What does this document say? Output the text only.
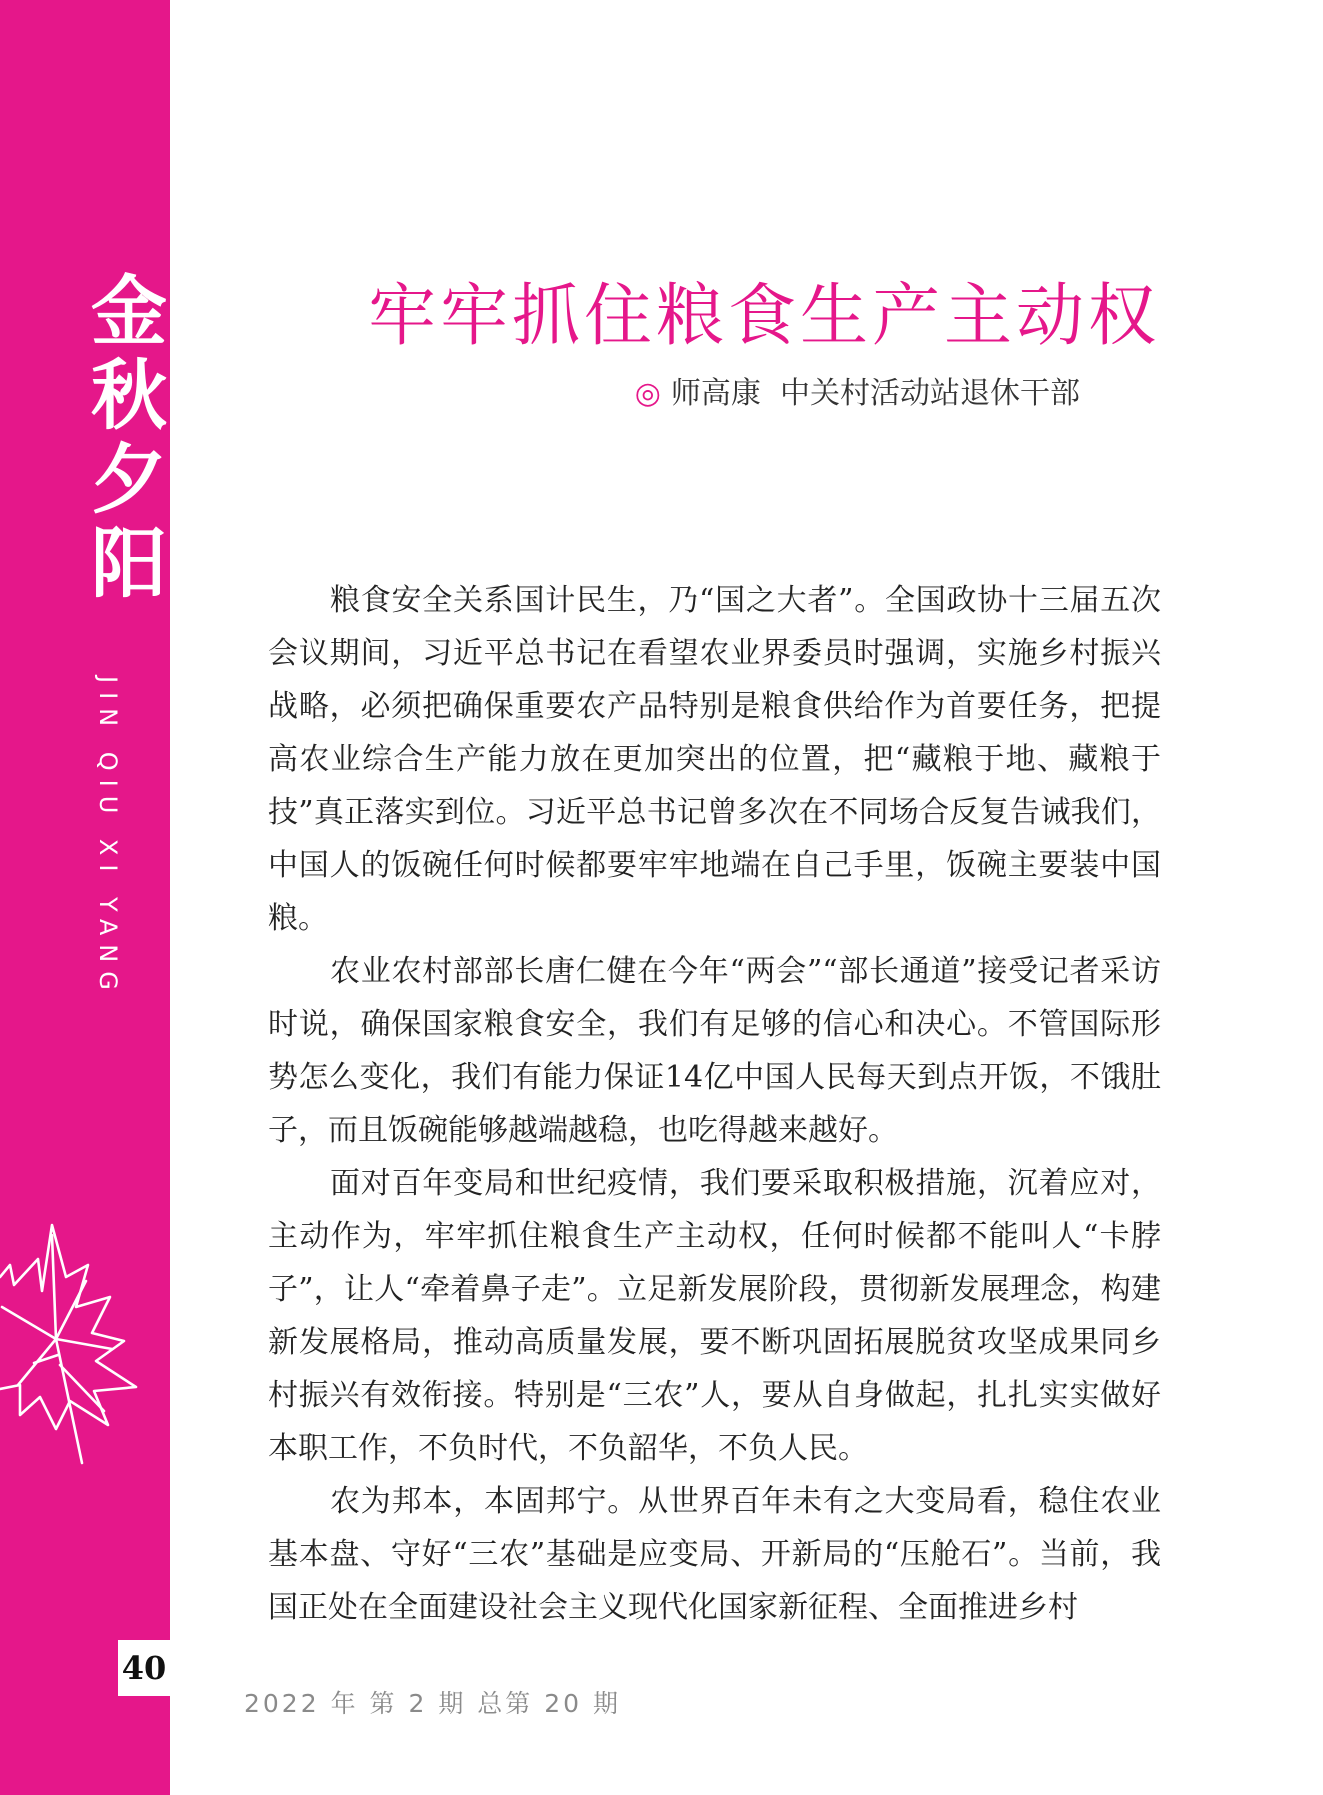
金
秋
夕
阳
JIN QIU XI YANG
40
牢牢抓住粮食生产主动权
◎ 师高康 中关村活动站退休干部

粮食安全关系国计民生，乃“国之大者”。全国政协十三届五次会议期间，习近平总书记在看望农业界委员时强调，实施乡村振兴战略，必须把确保重要农产品特别是粮食供给作为首要任务，把提高农业综合生产能力放在更加突出的位置，把“藏粮于地、藏粮于技”真正落实到位。习近平总书记曾多次在不同场合反复告诫我们，中国人的饭碗任何时候都要牢牢地端在自己手里，饭碗主要装中国粮。

农业农村部部长唐仁健在今年“两会”“部长通道”接受记者采访时说，确保国家粮食安全，我们有足够的信心和决心。不管国际形势怎么变化，我们有能力保证14亿中国人民每天到点开饭，不饿肚子，而且饭碗能够越端越稳，也吃得越来越好。

面对百年变局和世纪疫情，我们要采取积极措施，沉着应对，主动作为，牢牢抓住粮食生产主动权，任何时候都不能叫人“卡脖子”，让人“牵着鼻子走”。立足新发展阶段，贯彻新发展理念，构建新发展格局，推动高质量发展，要不断巩固拓展脱贫攻坚成果同乡村振兴有效衔接。特别是“三农”人，要从自身做起，扎扎实实做好本职工作，不负时代，不负韶华，不负人民。

农为邦本，本固邦宁。从世界百年未有之大变局看，稳住农业基本盘、守好“三农”基础是应变局、开新局的“压舱石”。当前，我国正处在全面建设社会主义现代化国家新征程、全面推进乡村

2022 年 第 2 期 总第 20 期
